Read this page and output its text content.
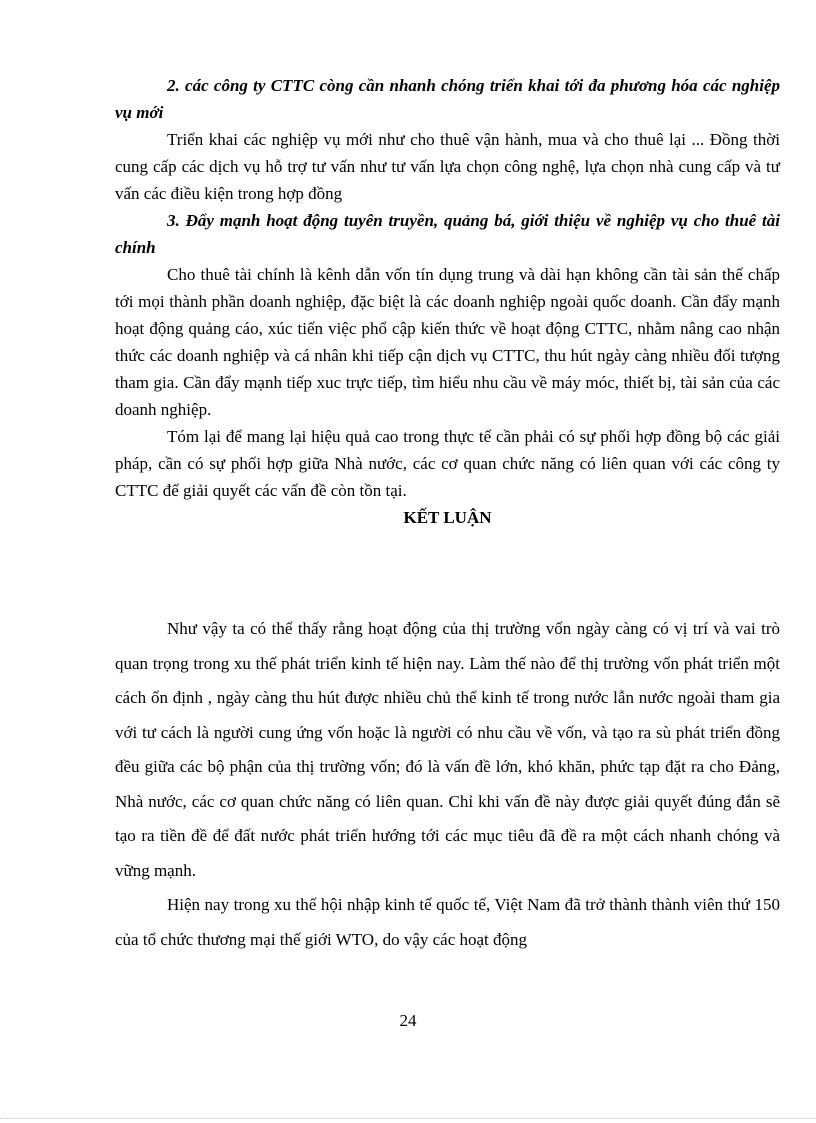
2. các công ty CTTC còng cần nhanh chóng triển khai tới đa phương hóa các nghiệp vụ mới

Triển khai các nghiệp vụ mới như cho thuê vận hành, mua và cho thuê lại ... Đồng thời cung cấp các dịch vụ hỗ trợ tư vấn như tư vấn lựa chọn công nghệ, lựa chọn nhà cung cấp và tư vấn các điều kiện trong hợp đồng

3. Đẩy mạnh hoạt động tuyên truyền, quảng bá, giới thiệu về nghiệp vụ cho thuê tài chính

Cho thuê tài chính là kênh dẫn vốn tín dụng trung và dài hạn không cần tài sản thế chấp tới mọi thành phần doanh nghiệp, đặc biệt là các doanh nghiệp ngoài quốc doanh. Cần đẩy mạnh hoạt động quảng cáo, xúc tiến việc phổ cập kiến thức về hoạt động CTTC, nhằm nâng cao nhận thức các doanh nghiệp và cá nhân khi tiếp cận dịch vụ CTTC, thu hút ngày càng nhiều đối tượng tham gia. Cần đẩy mạnh tiếp xuc trực tiếp, tìm hiểu nhu cầu về máy móc, thiết bị, tài sản của các doanh nghiệp.

Tóm lại để mang lại hiệu quả cao trong thực tế cần phải có sự phối hợp đồng bộ các giải pháp, cần có sự phối hợp giữa Nhà nước, các cơ quan chức năng có liên quan với các công ty CTTC để giải quyết các vấn đề còn tồn tại.

KẾT LUẬN

Như vậy ta có thể thấy rằng hoạt động của thị trường vốn ngày càng có vị trí và vai trò quan trọng trong xu thế phát triển kinh tế hiện nay. Làm thế nào để thị trường vốn phát triển một cách ổn định , ngày càng thu hút được nhiều chủ thể kinh tế trong nước lẫn nước ngoài tham gia với tư cách là người cung ứng vốn hoặc là người có nhu cầu về vốn, và tạo ra sù phát triển đồng đều giữa các bộ phận của thị trường vốn; đó là vấn đề lớn, khó khăn, phức tạp đặt ra cho Đảng, Nhà nước, các cơ quan chức năng có liên quan. Chỉ khi vấn đề này được giải quyết đúng đắn sẽ tạo ra tiền đề để đất nước phát triển hướng tới các mục tiêu đã đề ra một cách nhanh chóng và vững mạnh.

Hiện nay trong xu thế hội nhập kinh tế quốc tế, Việt Nam đã trở thành thành viên thứ 150 của tổ chức thương mại thế giới WTO, do vậy các hoạt động

24
